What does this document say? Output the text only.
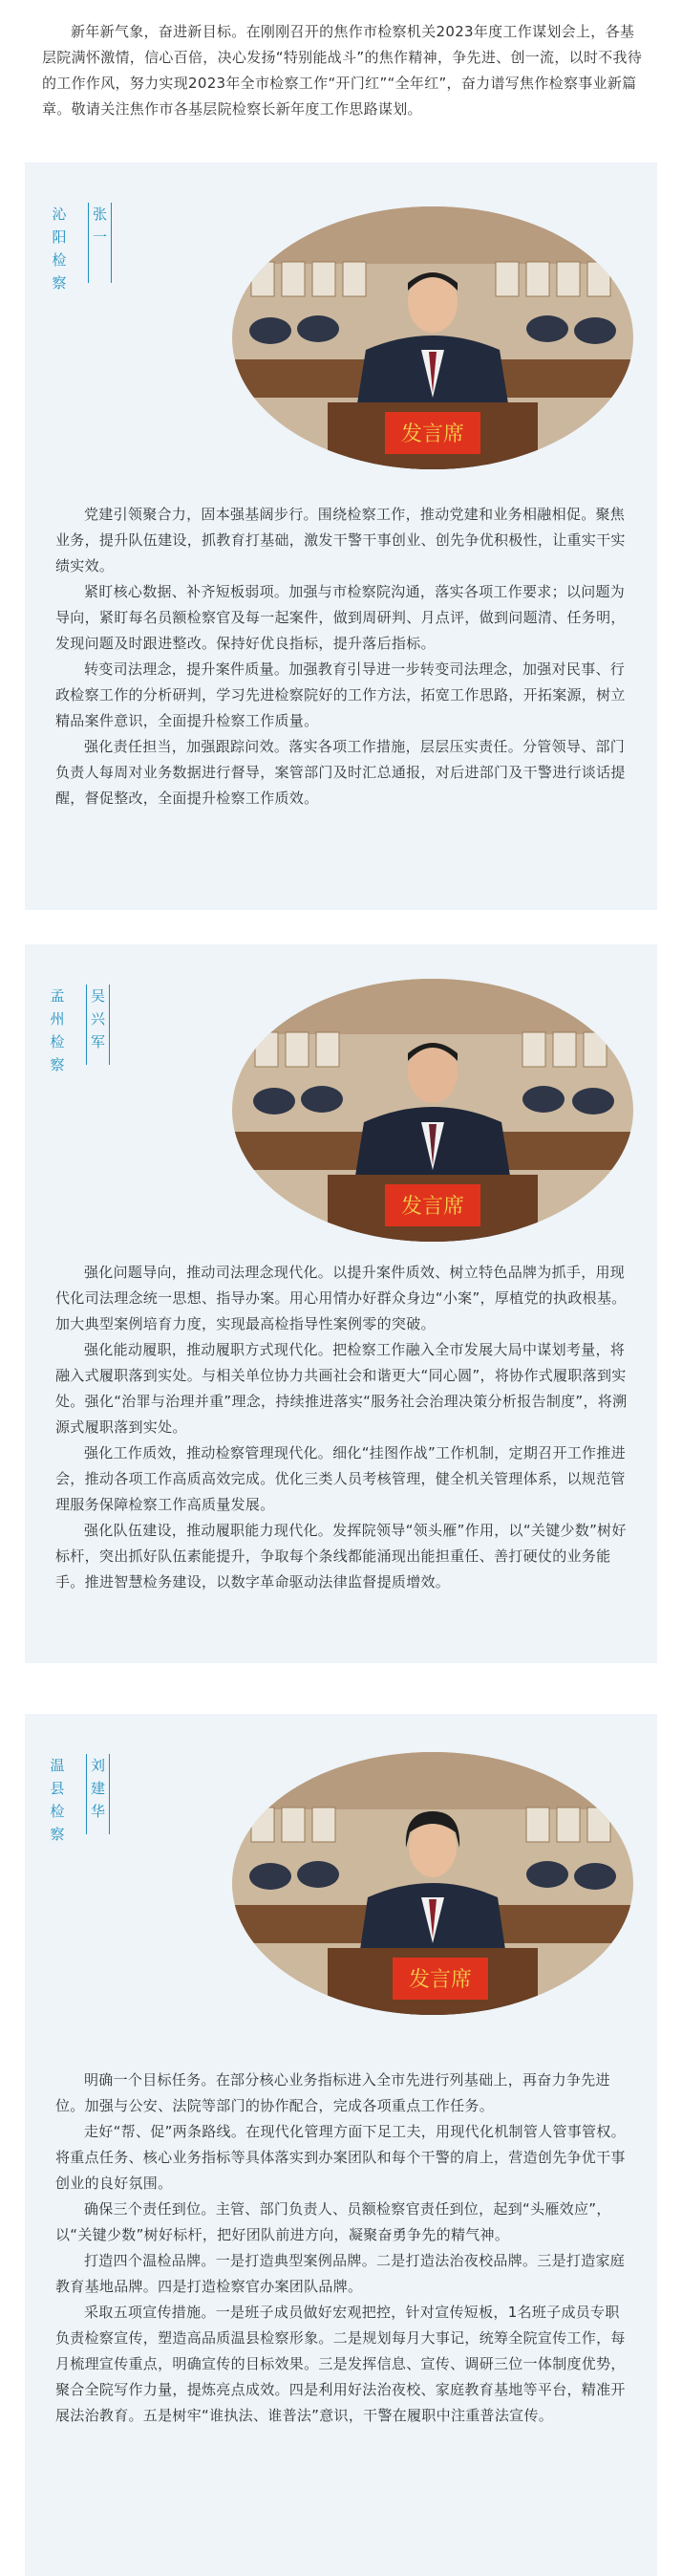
新年新气象，奋进新目标。在刚刚召开的焦作市检察机关2023年度工作谋划会上，各基层院满怀激情，信心百倍，决心发扬“特别能战斗”的焦作精神，争先进、创一流，以时不我待的工作作风，努力实现2023年全市检察工作“开门红”“全年红”，奋力谱写焦作检察事业新篇章。敬请关注焦作市各基层院检察长新年度工作思路谋划。

沁
阳
检
察
张
一
发言席

党建引领聚合力，固本强基阔步行。围绕检察工作，推动党建和业务相融相促。聚焦业务，提升队伍建设，抓教育打基础，激发干警干事创业、创先争优积极性，让重实干实绩实效。

紧盯核心数据、补齐短板弱项。加强与市检察院沟通，落实各项工作要求；以问题为导向，紧盯每名员额检察官及每一起案件，做到周研判、月点评，做到问题清、任务明，发现问题及时跟进整改。保持好优良指标，提升落后指标。

转变司法理念，提升案件质量。加强教育引导进一步转变司法理念，加强对民事、行政检察工作的分析研判，学习先进检察院好的工作方法，拓宽工作思路，开拓案源，树立精品案件意识，全面提升检察工作质量。

强化责任担当，加强跟踪问效。落实各项工作措施，层层压实责任。分管领导、部门负责人每周对业务数据进行督导，案管部门及时汇总通报，对后进部门及干警进行谈话提醒，督促整改，全面提升检察工作质效。

孟
州
检
察
吴
兴
军
发言席

强化问题导向，推动司法理念现代化。以提升案件质效、树立特色品牌为抓手，用现代化司法理念统一思想、指导办案。用心用情办好群众身边“小案”，厚植党的执政根基。加大典型案例培育力度，实现最高检指导性案例零的突破。

强化能动履职，推动履职方式现代化。把检察工作融入全市发展大局中谋划考量，将融入式履职落到实处。与相关单位协力共画社会和谐更大“同心圆”，将协作式履职落到实处。强化“治罪与治理并重”理念，持续推进落实“服务社会治理决策分析报告制度”，将溯源式履职落到实处。

强化工作质效，推动检察管理现代化。细化“挂图作战”工作机制，定期召开工作推进会，推动各项工作高质高效完成。优化三类人员考核管理，健全机关管理体系，以规范管理服务保障检察工作高质量发展。

强化队伍建设，推动履职能力现代化。发挥院领导“领头雁”作用，以“关键少数”树好标杆，突出抓好队伍素能提升，争取每个条线都能涌现出能担重任、善打硬仗的业务能手。推进智慧检务建设，以数字革命驱动法律监督提质增效。

温
县
检
察
刘
建
华
发言席

明确一个目标任务。在部分核心业务指标进入全市先进行列基础上，再奋力争先进位。加强与公安、法院等部门的协作配合，完成各项重点工作任务。

走好“帮、促”两条路线。在现代化管理方面下足工夫，用现代化机制管人管事管权。将重点任务、核心业务指标等具体落实到办案团队和每个干警的肩上，营造创先争优干事创业的良好氛围。

确保三个责任到位。主管、部门负责人、员额检察官责任到位，起到“头雁效应”，以“关键少数”树好标杆，把好团队前进方向，凝聚奋勇争先的精气神。

打造四个温检品牌。一是打造典型案例品牌。二是打造法治夜校品牌。三是打造家庭教育基地品牌。四是打造检察官办案团队品牌。

采取五项宣传措施。一是班子成员做好宏观把控，针对宣传短板，1名班子成员专职负责检察宣传，塑造高品质温县检察形象。二是规划每月大事记，统筹全院宣传工作，每月梳理宣传重点，明确宣传的目标效果。三是发挥信息、宣传、调研三位一体制度优势，聚合全院写作力量，提炼亮点成效。四是利用好法治夜校、家庭教育基地等平台，精准开展法治教育。五是树牢“谁执法、谁普法”意识，干警在履职中注重普法宣传。
